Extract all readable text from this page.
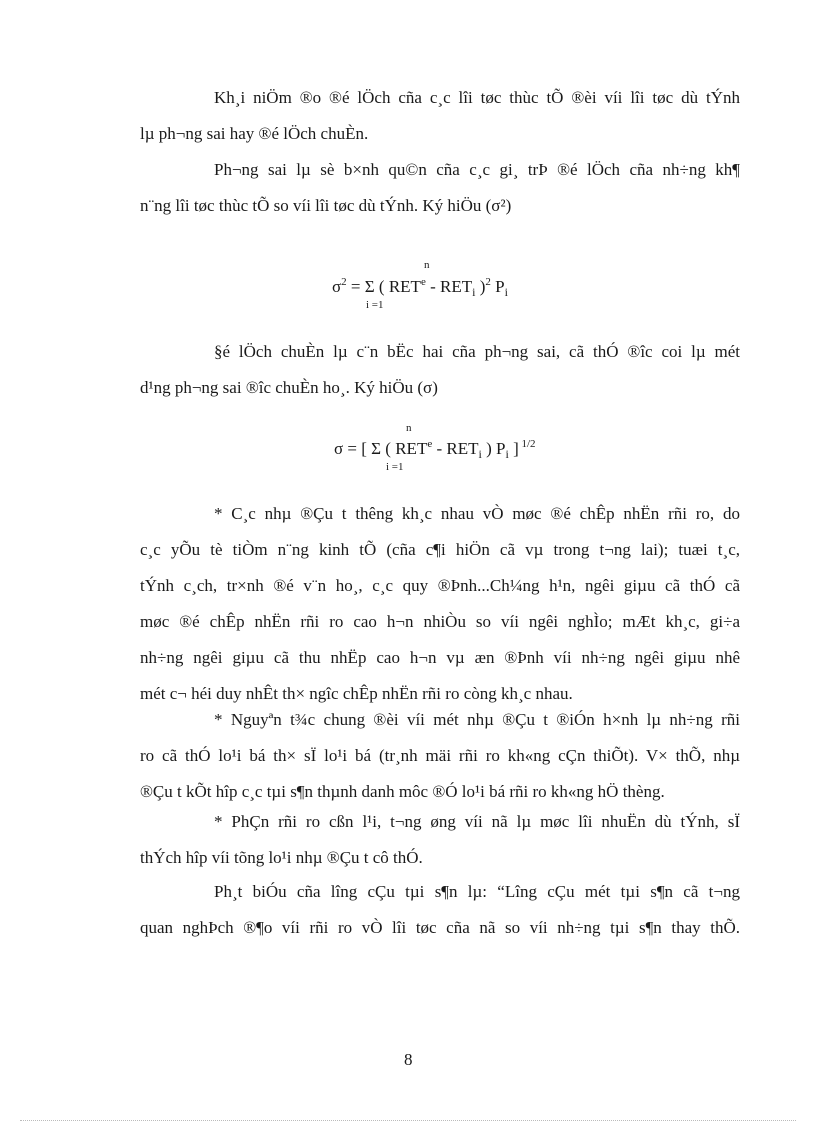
Kh¸i niÖm ®o ®é lÖch cña c¸c lîi tøc thùc tÕ ®èi víi lîi tøc dù tÝnh
lµ ph¬ng sai hay ®é lÖch chuÈn.
Ph¬ng sai lµ sè b×nh qu©n cña c¸c gi¸ trÞ ®é lÖch cña nh÷ng kh¶
n¨ng lîi tøc thùc tÕ so víi lîi tøc dù tÝnh. Ký hiÖu (σ²)
n
$\sigma^2 = \Sigma$ ( $RET^e - RET_i$ )$^2$ $P_i$
i =1
§é lÖch chuÈn lµ c¨n bËc hai cña ph¬ng sai, cã thÓ ®îc coi lµ mét
d¹ng ph¬ng sai ®îc chuÈn ho¸. Ký hiÖu (σ)
n
σ = [ Σ ( $RET^e - RET_i$ ) $P_i$ ] $^{1/2}$
i =1
* C¸c nhµ ®Çu t thêng kh¸c nhau vÒ møc ®é chÊp nhËn rñi ro, do
c¸c yÕu tè tiÒm n¨ng kinh tÕ (cña c¶i hiÖn cã vµ trong t¬ng lai); tuæi t¸c,
tÝnh c¸ch, tr×nh ®é v¨n ho¸, c¸c quy ®Þnh...Ch¼ng h¹n, ngêi giµu cã thÓ cã
møc ®é chÊp nhËn rñi ro cao h¬n nhiÒu so víi ngêi nghÌo; mÆt kh¸c, gi÷a
nh÷ng ngêi giµu cã thu nhËp cao h¬n vµ æn ®Þnh víi nh÷ng ngêi giµu nhê
mét c¬ héi duy nhÊt th× ngîc chÊp nhËn rñi ro còng kh¸c nhau.
* Nguyªn t¾c chung ®èi víi mét nhµ ®Çu t ®iÓn h×nh lµ nh÷ng rñi
ro cã thÓ lo¹i bá th× sÏ lo¹i bá (tr¸nh mäi rñi ro kh«ng cÇn thiÕt). V× thÕ, nhµ
®Çu t kÕt hîp c¸c tµi s¶n thµnh danh môc ®Ó lo¹i bá rñi ro kh«ng hÖ thèng.
* PhÇn rñi ro cßn l¹i, t¬ng øng víi nã lµ møc lîi nhuËn dù tÝnh, sÏ
thÝch hîp víi tõng lo¹i nhµ ®Çu t cô thÓ.
Ph¸t biÓu cña lîng cÇu tµi s¶n lµ: “Lîng cÇu mét tµi s¶n cã t¬ng
quan nghÞch ®¶o víi rñi ro vÒ lîi tøc cña nã so víi nh÷ng tµi s¶n thay thÕ.
8
